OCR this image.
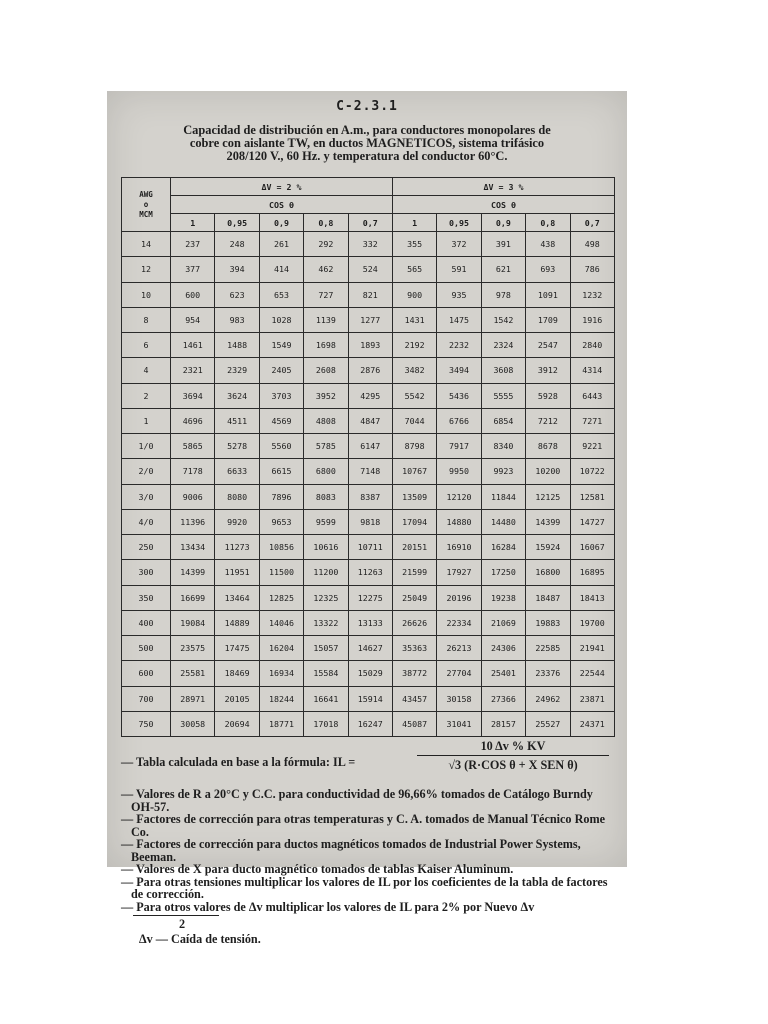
C-2.3.1
Capacidad de distribución en A.m., para conductores monopolares de
cobre con aislante TW, en ductos MAGNETICOS, sistema trifásico
208/120 V., 60 Hz. y temperatura del conductor 60°C.
AWG
o
MCM	ΔV = 2 %					ΔV = 3 %				
	COS θ					COS θ				
	1	0,95	0,9	0,8	0,7	1	0,95	0,9	0,8	0,7
14	237	248	261	292	332	355	372	391	438	498
12	377	394	414	462	524	565	591	621	693	786
10	600	623	653	727	821	900	935	978	1091	1232
8	954	983	1028	1139	1277	1431	1475	1542	1709	1916
6	1461	1488	1549	1698	1893	2192	2232	2324	2547	2840
4	2321	2329	2405	2608	2876	3482	3494	3608	3912	4314
2	3694	3624	3703	3952	4295	5542	5436	5555	5928	6443
1	4696	4511	4569	4808	4847	7044	6766	6854	7212	7271
1/0	5865	5278	5560	5785	6147	8798	7917	8340	8678	9221
2/0	7178	6633	6615	6800	7148	10767	9950	9923	10200	10722
3/0	9006	8080	7896	8083	8387	13509	12120	11844	12125	12581
4/0	11396	9920	9653	9599	9818	17094	14880	14480	14399	14727
250	13434	11273	10856	10616	10711	20151	16910	16284	15924	16067
300	14399	11951	11500	11200	11263	21599	17927	17250	16800	16895
350	16699	13464	12825	12325	12275	25049	20196	19238	18487	18413
400	19084	14889	14046	13322	13133	26626	22334	21069	19883	19700
500	23575	17475	16204	15057	14627	35363	26213	24306	22585	21941
600	25581	18469	16934	15584	15029	38772	27704	25401	23376	22544
700	28971	20105	18244	16641	15914	43457	30158	27366	24962	23871
750	30058	20694	18771	17018	16247	45087	31041	28157	25527	24371
— Tabla calculada en base a la fórmula: IL =
10 Δv % KV
√3 (R·COS θ + X SEN θ)
— Valores de R a 20°C y C.C. para conductividad de 96,66% tomados de Catálogo Burndy OH-57.
— Factores de corrección para otras temperaturas y C. A. tomados de Manual Técnico Rome Co.
— Factores de corrección para ductos magnéticos tomados de Industrial Power Systems, Beeman.
— Valores de X para ducto magnético tomados de tablas Kaiser Aluminum.
— Para otras tensiones multiplicar los valores de IL por los coeficientes de la tabla de factores de corrección.
— Para otros valores de Δv multiplicar los valores de IL para 2% por Nuevo Δv
2
Δv — Caída de tensión.
